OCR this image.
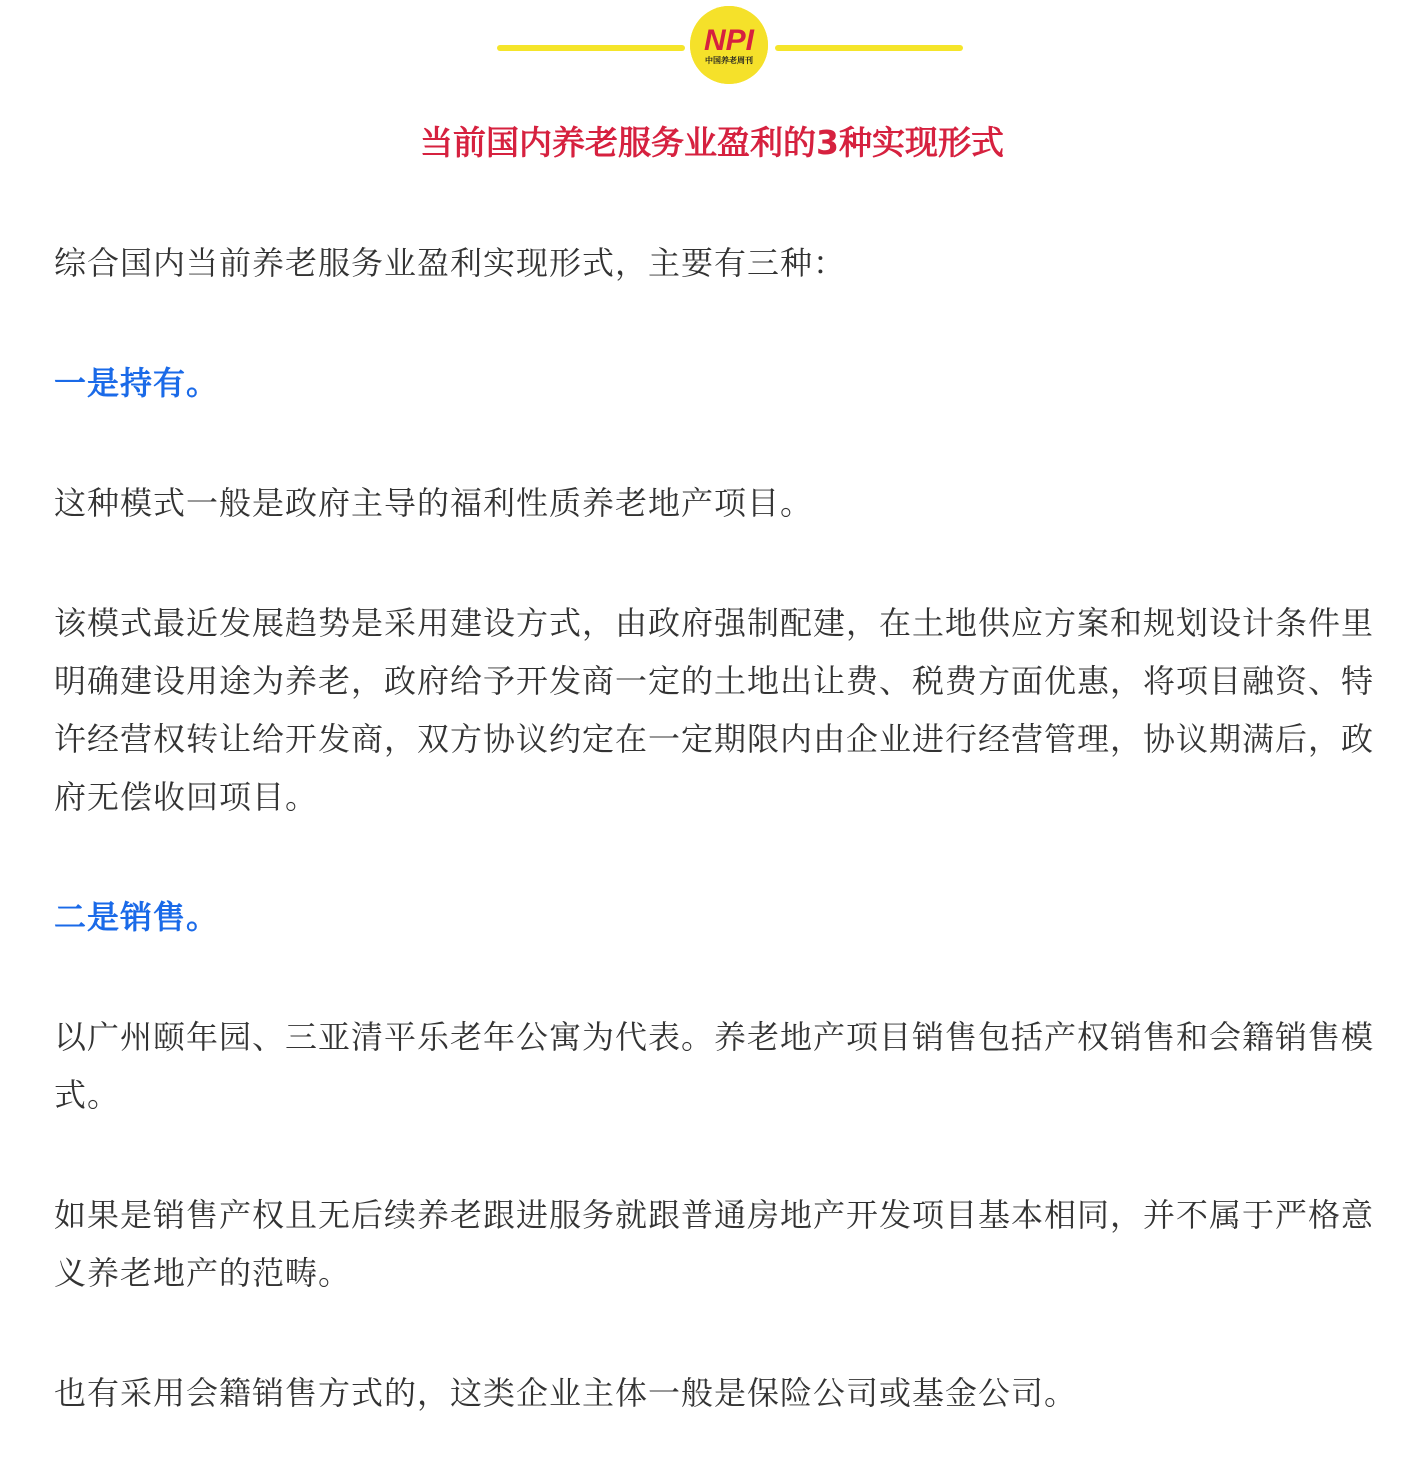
NPI
中国养老周刊
当前国内养老服务业盈利的3种实现形式

综合国内当前养老服务业盈利实现形式，主要有三种：

一是持有。

这种模式一般是政府主导的福利性质养老地产项目。

该模式最近发展趋势是采用建设方式，由政府强制配建，在土地供应方案和规划设计条件里明确建设用途为养老，政府给予开发商一定的土地出让费、税费方面优惠，将项目融资、特许经营权转让给开发商，双方协议约定在一定期限内由企业进行经营管理，协议期满后，政府无偿收回项目。

二是销售。

以广州颐年园、三亚清平乐老年公寓为代表。养老地产项目销售包括产权销售和会籍销售模式。

如果是销售产权且无后续养老跟进服务就跟普通房地产开发项目基本相同，并不属于严格意义养老地产的范畴。

也有采用会籍销售方式的，这类企业主体一般是保险公司或基金公司。
